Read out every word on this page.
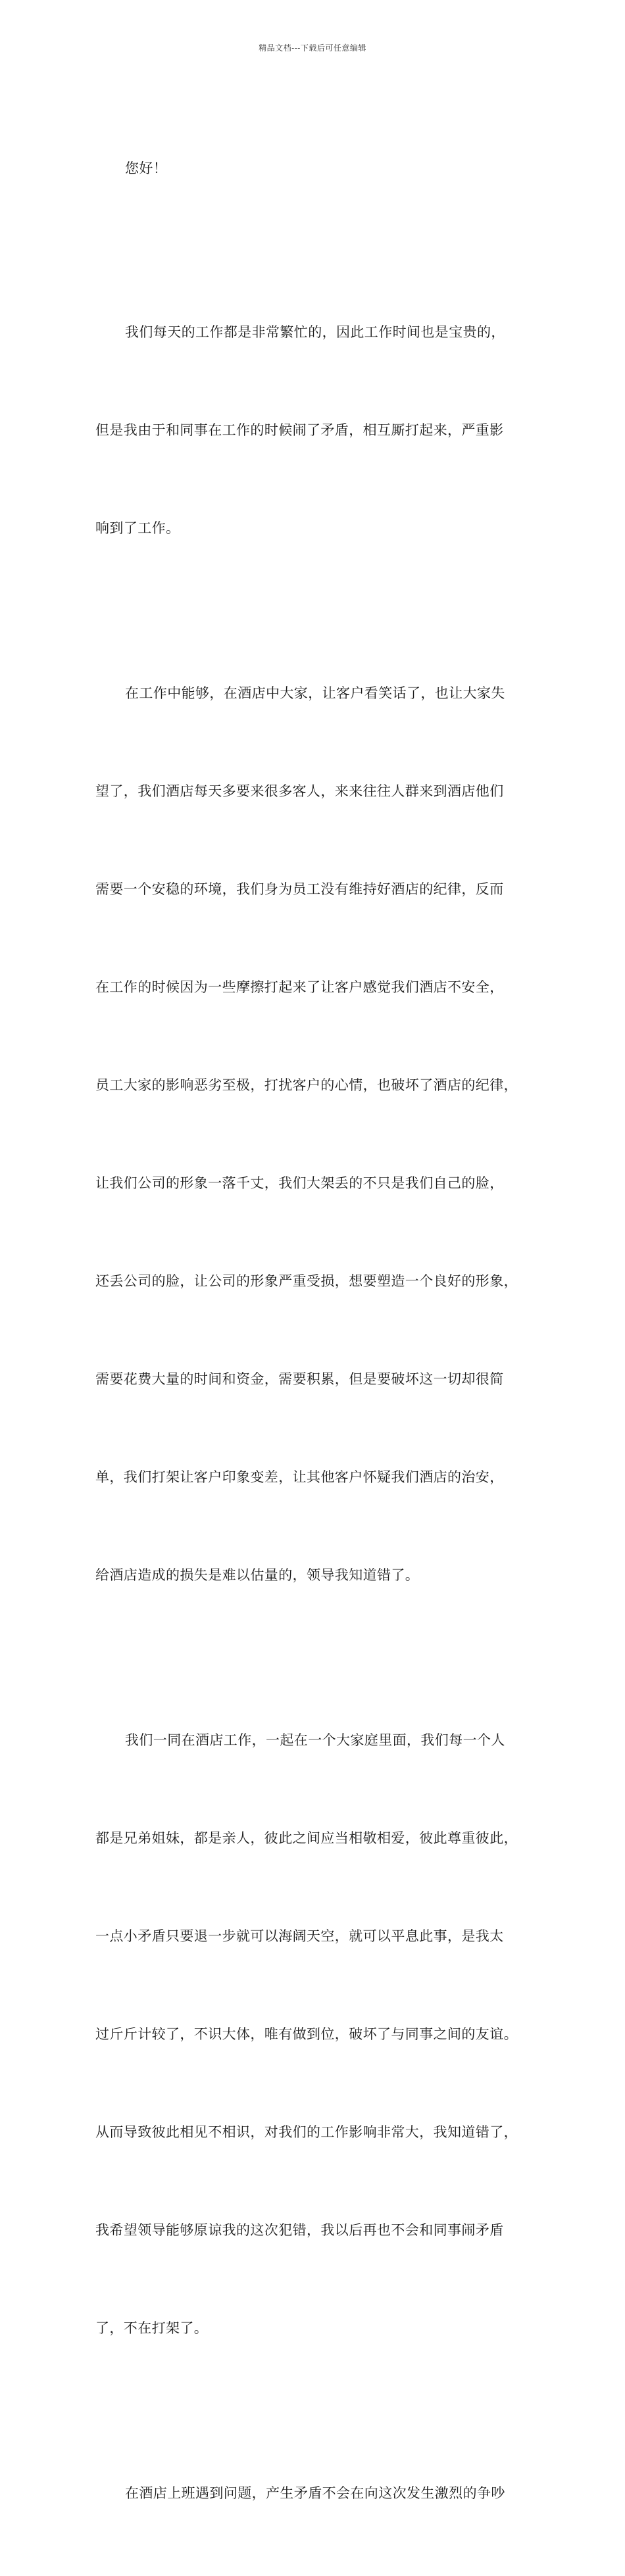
精品文档---下载后可任意编辑

您好！

我们每天的工作都是非常繁忙的，因此工作时间也是宝贵的，

但是我由于和同事在工作的时候闹了矛盾，相互厮打起来，严重影

响到了工作。

在工作中能够，在酒店中大家，让客户看笑话了，也让大家失

望了，我们酒店每天多要来很多客人，来来往往人群来到酒店他们

需要一个安稳的环境，我们身为员工没有维持好酒店的纪律，反而

在工作的时候因为一些摩擦打起来了让客户感觉我们酒店不安全，

员工大家的影响恶劣至极，打扰客户的心情，也破坏了酒店的纪律，

让我们公司的形象一落千丈，我们大架丢的不只是我们自己的脸，

还丢公司的脸，让公司的形象严重受损，想要塑造一个良好的形象，

需要花费大量的时间和资金，需要积累，但是要破坏这一切却很简

单，我们打架让客户印象变差，让其他客户怀疑我们酒店的治安，

给酒店造成的损失是难以估量的，领导我知道错了。

我们一同在酒店工作，一起在一个大家庭里面，我们每一个人

都是兄弟姐妹，都是亲人，彼此之间应当相敬相爱，彼此尊重彼此，

一点小矛盾只要退一步就可以海阔天空，就可以平息此事，是我太

过斤斤计较了，不识大体，唯有做到位，破坏了与同事之间的友谊。

从而导致彼此相见不相识，对我们的工作影响非常大，我知道错了，

我希望领导能够原谅我的这次犯错，我以后再也不会和同事闹矛盾

了，不在打架了。

在酒店上班遇到问题，产生矛盾不会在向这次发生激烈的争吵
